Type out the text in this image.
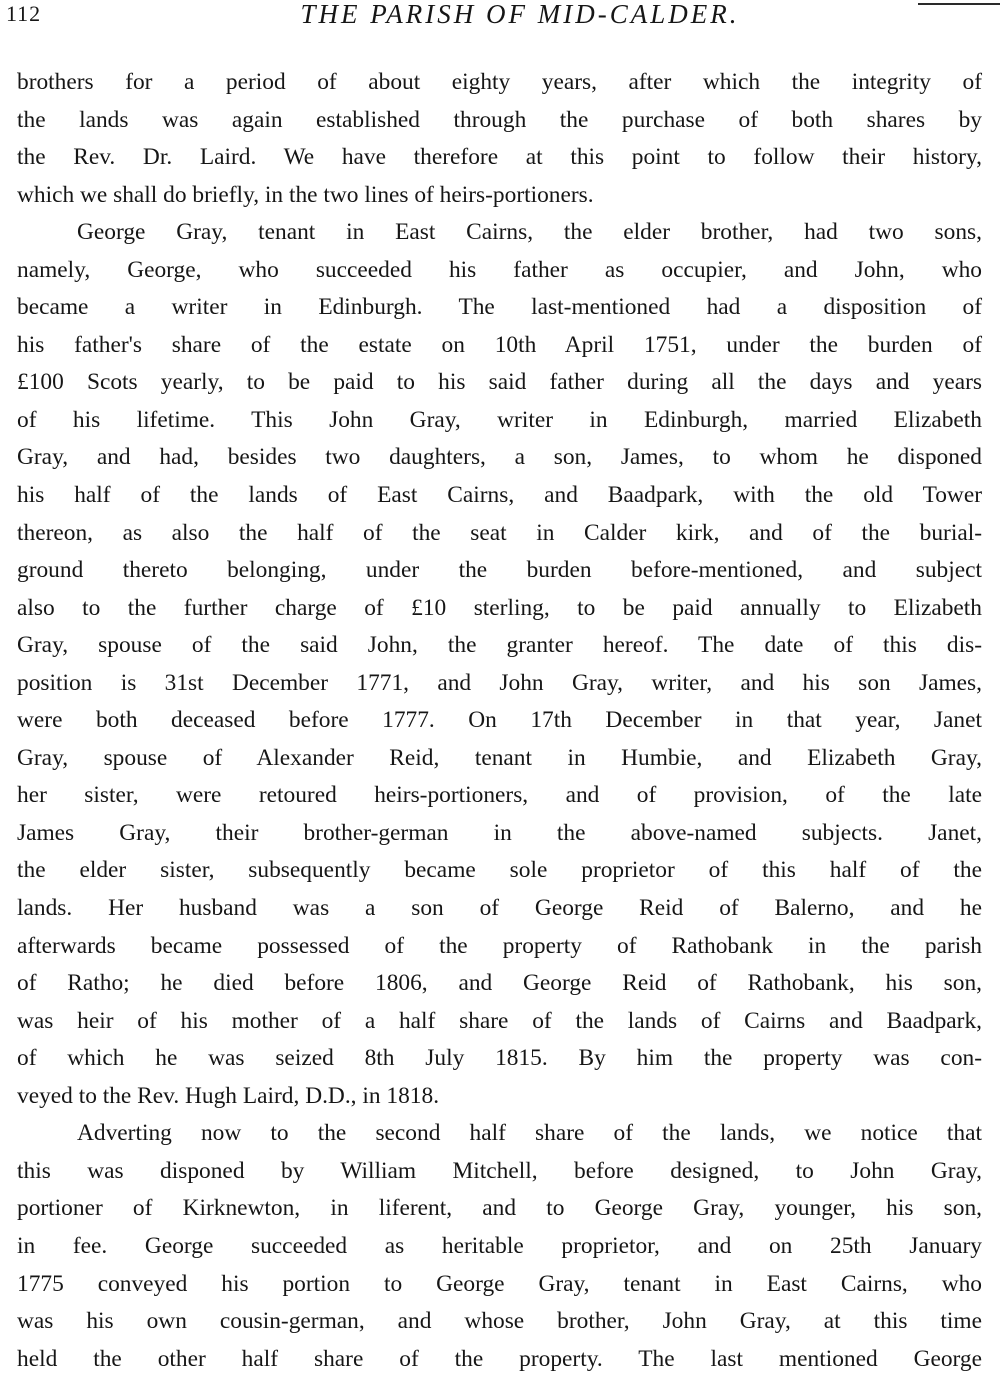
112	THE PARISH OF MID-CALDER.
brothers for a period of about eighty years, after which the integrity of
the lands was again established through the purchase of both shares by
the Rev. Dr. Laird. We have therefore at this point to follow their history,
which we shall do briefly, in the two lines of heirs-portioners.
George Gray, tenant in East Cairns, the elder brother, had two sons,
namely, George, who succeeded his father as occupier, and John, who
became a writer in Edinburgh. The last-mentioned had a disposition of
his father's share of the estate on 10th April 1751, under the burden of
£100 Scots yearly, to be paid to his said father during all the days and years
of his lifetime. This John Gray, writer in Edinburgh, married Elizabeth
Gray, and had, besides two daughters, a son, James, to whom he disponed
his half of the lands of East Cairns, and Baadpark, with the old Tower
thereon, as also the half of the seat in Calder kirk, and of the burial-
ground thereto belonging, under the burden before-mentioned, and subject
also to the further charge of £10 sterling, to be paid annually to Elizabeth
Gray, spouse of the said John, the granter hereof. The date of this dis-
position is 31st December 1771, and John Gray, writer, and his son James,
were both deceased before 1777. On 17th December in that year, Janet
Gray, spouse of Alexander Reid, tenant in Humbie, and Elizabeth Gray,
her sister, were retoured heirs-portioners, and of provision, of the late
James Gray, their brother-german in the above-named subjects. Janet,
the elder sister, subsequently became sole proprietor of this half of the
lands. Her husband was a son of George Reid of Balerno, and he
afterwards became possessed of the property of Rathobank in the parish
of Ratho; he died before 1806, and George Reid of Rathobank, his son,
was heir of his mother of a half share of the lands of Cairns and Baadpark,
of which he was seized 8th July 1815. By him the property was con-
veyed to the Rev. Hugh Laird, D.D., in 1818.
Adverting now to the second half share of the lands, we notice that
this was disponed by William Mitchell, before designed, to John Gray,
portioner of Kirknewton, in liferent, and to George Gray, younger, his son,
in fee. George succeeded as heritable proprietor, and on 25th January
1775 conveyed his portion to George Gray, tenant in East Cairns, who
was his own cousin-german, and whose brother, John Gray, at this time
held the other half share of the property. The last mentioned George
